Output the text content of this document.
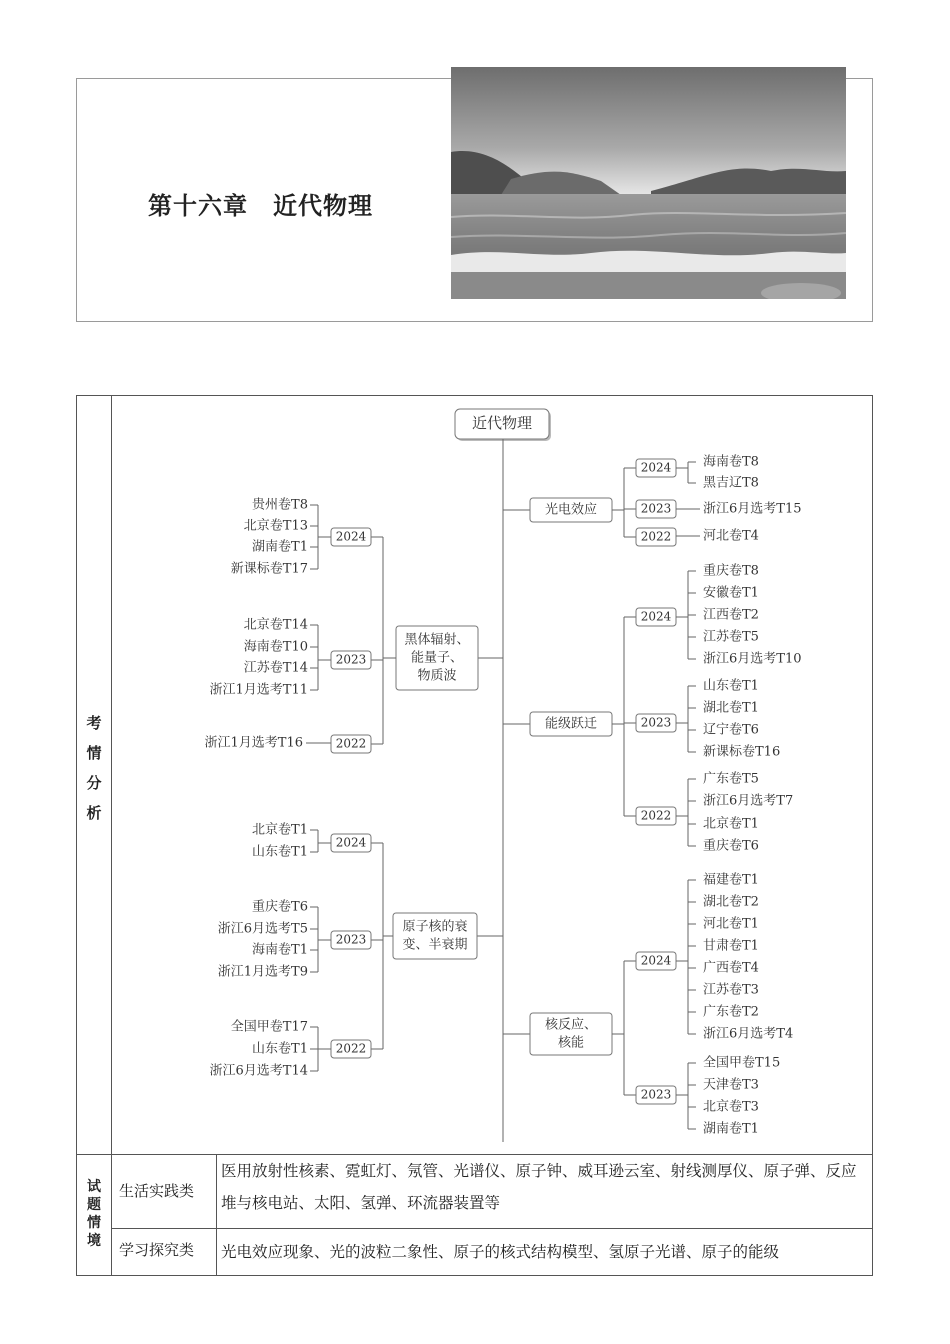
第十六章　近代物理
考
情
分
析
试
题
情
境
生活实践类
医用放射性核素、霓虹灯、氖管、光谱仪、原子钟、威耳逊云室、射线测厚仪、原子弹、反应堆与核电站、太阳、氢弹、环流器装置等
学习探究类 光电效应现象、光的波粒二象性、原子的核式结构模型、氢原子光谱、原子的能级
近代物理
黑体辐射、
能量子、
物质波
2024
贵州卷T8
北京卷T13
湖南卷T1
新课标卷T17
2023
北京卷T14
海南卷T10
江苏卷T14
浙江1月选考T11
2022
浙江1月选考T16
原子核的衰
变、半衰期
2024
北京卷T1
山东卷T1
2023
重庆卷T6
浙江6月选考T5
海南卷T1
浙江1月选考T9
2022
全国甲卷T17
山东卷T1
浙江6月选考T14
光电效应
2024 海南卷T8
黑吉辽T8
2023 浙江6月选考T15
2022 河北卷T4
能级跃迁
2024
重庆卷T8
安徽卷T1
江西卷T2
江苏卷T5
浙江6月选考T10
2023
山东卷T1
湖北卷T1
辽宁卷T6
新课标卷T16
2022
广东卷T5
浙江6月选考T7
北京卷T1
重庆卷T6
核反应、
核能
2024
福建卷T1
湖北卷T2
河北卷T1
甘肃卷T1
广西卷T4
江苏卷T3
广东卷T2
浙江6月选考T4
2023
全国甲卷T15
天津卷T3
北京卷T3
湖南卷T1
